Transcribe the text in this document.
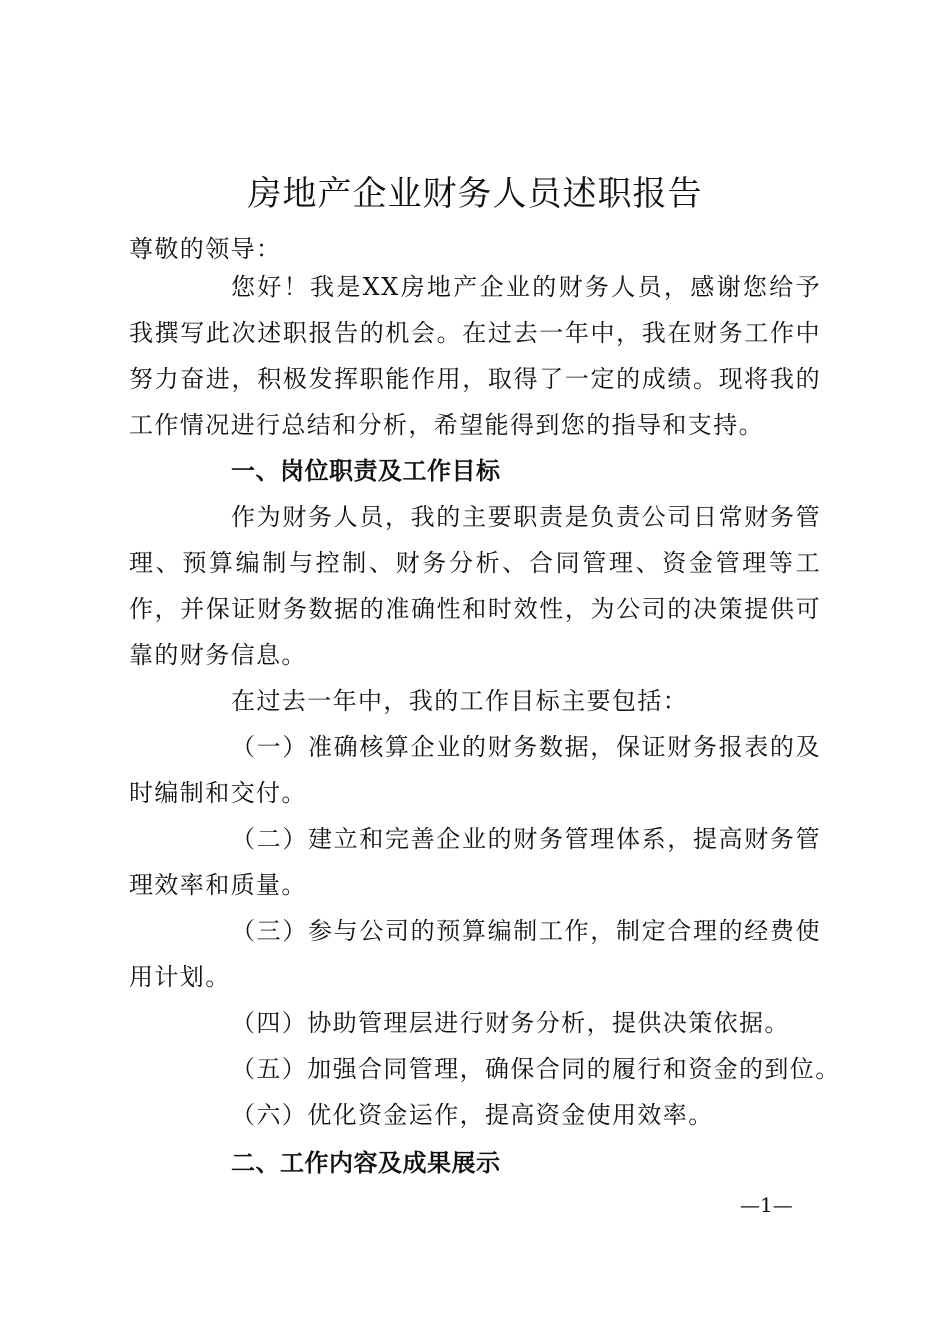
房地产企业财务人员述职报告
尊敬的领导：
您好！我是XX房地产企业的财务人员，感谢您给予我撰写此次述职报告的机会。在过去一年中，我在财务工作中努力奋进，积极发挥职能作用，取得了一定的成绩。现将我的工作情况进行总结和分析，希望能得到您的指导和支持。
一、岗位职责及工作目标
作为财务人员，我的主要职责是负责公司日常财务管理、预算编制与控制、财务分析、合同管理、资金管理等工作，并保证财务数据的准确性和时效性，为公司的决策提供可靠的财务信息。
在过去一年中，我的工作目标主要包括：
（一）准确核算企业的财务数据，保证财务报表的及时编制和交付。
（二）建立和完善企业的财务管理体系，提高财务管理效率和质量。
（三）参与公司的预算编制工作，制定合理的经费使用计划。
（四）协助管理层进行财务分析，提供决策依据。
（五）加强合同管理，确保合同的履行和资金的到位。
（六）优化资金运作，提高资金使用效率。
二、工作内容及成果展示
—1—
